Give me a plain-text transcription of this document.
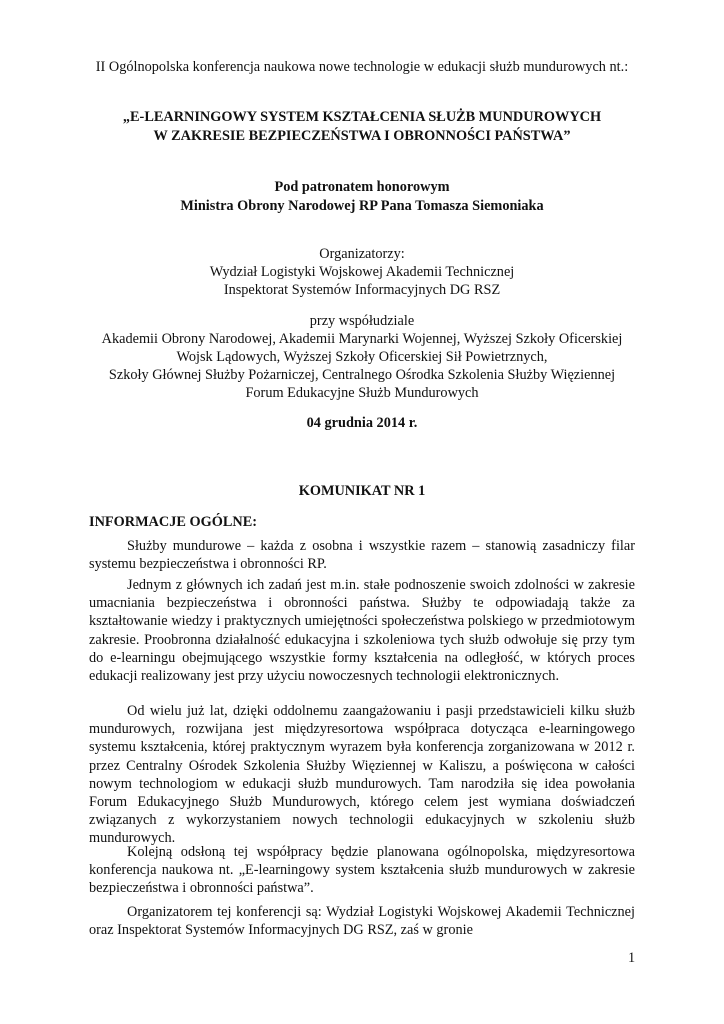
II Ogólnopolska konferencja naukowa nowe technologie w edukacji służb mundurowych nt.:
„E-LEARNINGOWY SYSTEM KSZTAŁCENIA SŁUŻB MUNDUROWYCH
W ZAKRESIE BEZPIECZEŃSTWA I OBRONNOŚCI PAŃSTWA”
Pod patronatem honorowym
Ministra Obrony Narodowej RP Pana Tomasza Siemoniaka
Organizatorzy:
Wydział Logistyki Wojskowej Akademii Technicznej
Inspektorat Systemów Informacyjnych DG RSZ
przy współudziale
Akademii Obrony Narodowej, Akademii Marynarki Wojennej, Wyższej Szkoły Oficerskiej
Wojsk Lądowych, Wyższej Szkoły Oficerskiej Sił Powietrznych,
Szkoły Głównej Służby Pożarniczej, Centralnego Ośrodka Szkolenia Służby Więziennej
Forum Edukacyjne Służb Mundurowych
04 grudnia 2014 r.
KOMUNIKAT NR 1
INFORMACJE OGÓLNE:

Służby mundurowe – każda z osobna i wszystkie razem – stanowią zasadniczy filar systemu bezpieczeństwa i obronności RP.

Jednym z głównych ich zadań jest m.in. stałe podnoszenie swoich zdolności w zakresie umacniania bezpieczeństwa i obronności państwa. Służby te odpowiadają także za kształtowanie wiedzy i praktycznych umiejętności społeczeństwa polskiego w przedmiotowym zakresie. Proobronna działalność edukacyjna i szkoleniowa tych służb odwołuje się przy tym do e-learningu obejmującego wszystkie formy kształcenia na odległość, w których proces edukacji realizowany jest przy użyciu nowoczesnych technologii elektronicznych.

Od wielu już lat, dzięki oddolnemu zaangażowaniu i pasji przedstawicieli kilku służb mundurowych, rozwijana jest międzyresortowa współpraca dotycząca e-learningowego systemu kształcenia, której praktycznym wyrazem była konferencja zorganizowana w 2012 r. przez Centralny Ośrodek Szkolenia Służby Więziennej w Kaliszu, a poświęcona w całości nowym technologiom w edukacji służb mundurowych. Tam narodziła się idea powołania Forum Edukacyjnego Służb Mundurowych, którego celem jest wymiana doświadczeń związanych z wykorzystaniem nowych technologii edukacyjnych w szkoleniu służb mundurowych.

Kolejną odsłoną tej współpracy będzie planowana ogólnopolska, międzyresortowa konferencja naukowa nt. „E-learningowy system kształcenia służb mundurowych w zakresie bezpieczeństwa i obronności państwa”.

Organizatorem tej konferencji są: Wydział Logistyki Wojskowej Akademii Technicznej oraz Inspektorat Systemów Informacyjnych DG RSZ, zaś w gronie

1
